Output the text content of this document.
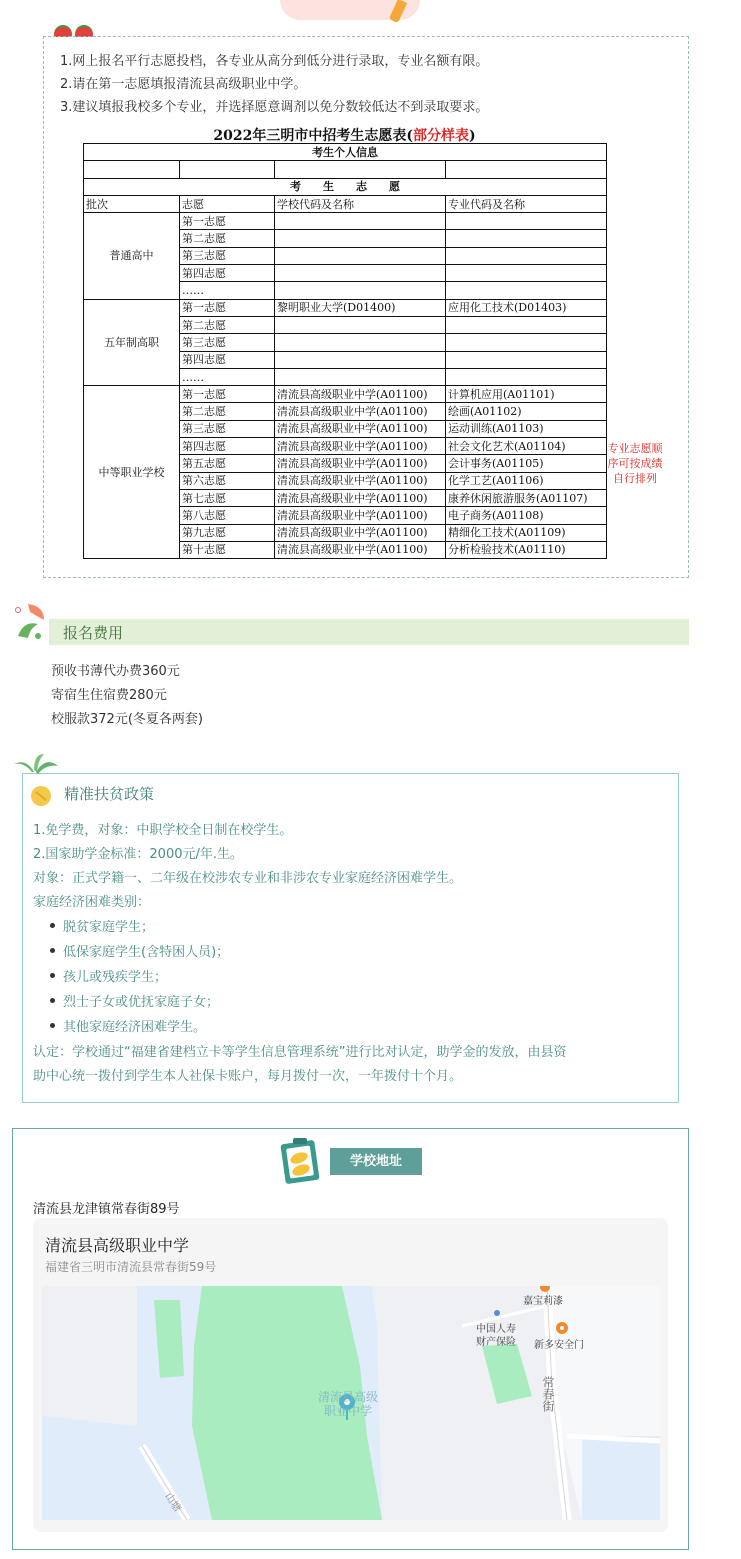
1.网上报名平行志愿投档，各专业从高分到低分进行录取，专业名额有限。
2.请在第一志愿填报清流县高级职业中学。
3.建议填报我校多个专业，并选择愿意调剂以免分数较低达不到录取要求。
2022年三明市中招考生志愿表(部分样表)
考生个人信息			

考　　生　　志　　愿			
批次	志愿	学校代码及名称	专业代码及名称
普通高中	第一志愿		
	第二志愿		
	第三志愿		
	第四志愿		
	……		
五年制高职	第一志愿	黎明职业大学(D01400)	应用化工技术(D01403)
	第二志愿		
	第三志愿		
	第四志愿		
	……		
中等职业学校	第一志愿	清流县高级职业中学(A01100)	计算机应用(A01101)
	第二志愿	清流县高级职业中学(A01100)	绘画(A01102)
	第三志愿	清流县高级职业中学(A01100)	运动训练(A01103)
	第四志愿	清流县高级职业中学(A01100)	社会文化艺术(A01104)
	第五志愿	清流县高级职业中学(A01100)	会计事务(A01105)
	第六志愿	清流县高级职业中学(A01100)	化学工艺(A01106)
	第七志愿	清流县高级职业中学(A01100)	康养休闲旅游服务(A01107)
	第八志愿	清流县高级职业中学(A01100)	电子商务(A01108)
	第九志愿	清流县高级职业中学(A01100)	精细化工技术(A01109)
	第十志愿	清流县高级职业中学(A01100)	分析检验技术(A01110)
专业志愿顺序可按成绩自行排列
报名费用
预收书薄代办费360元
寄宿生住宿费280元
校服款372元(冬夏各两套)
精准扶贫政策
1.免学费，对象：中职学校全日制在校学生。
2.国家助学金标准：2000元/年.生。
对象：正式学籍一、二年级在校涉农专业和非涉农专业家庭经济困难学生。
家庭经济困难类别：
脱贫家庭学生；
低保家庭学生(含特困人员)；
孩儿或残疾学生；
烈士子女或优抚家庭子女；
其他家庭经济困难学生。
认定：学校通过“福建省建档立卡等学生信息管理系统”进行比对认定，助学金的发放，由县资
助中心统一拨付到学生本人社保卡账户，每月拨付一次，一年拨付十个月。
学校地址
清流县龙津镇常春街89号
清流县高级职业中学
福建省三明市清流县常春街59号
嘉宝莉漆
中国人寿
财产保险 新多安全门
常春街
清流县高级
职业中学
山塘
